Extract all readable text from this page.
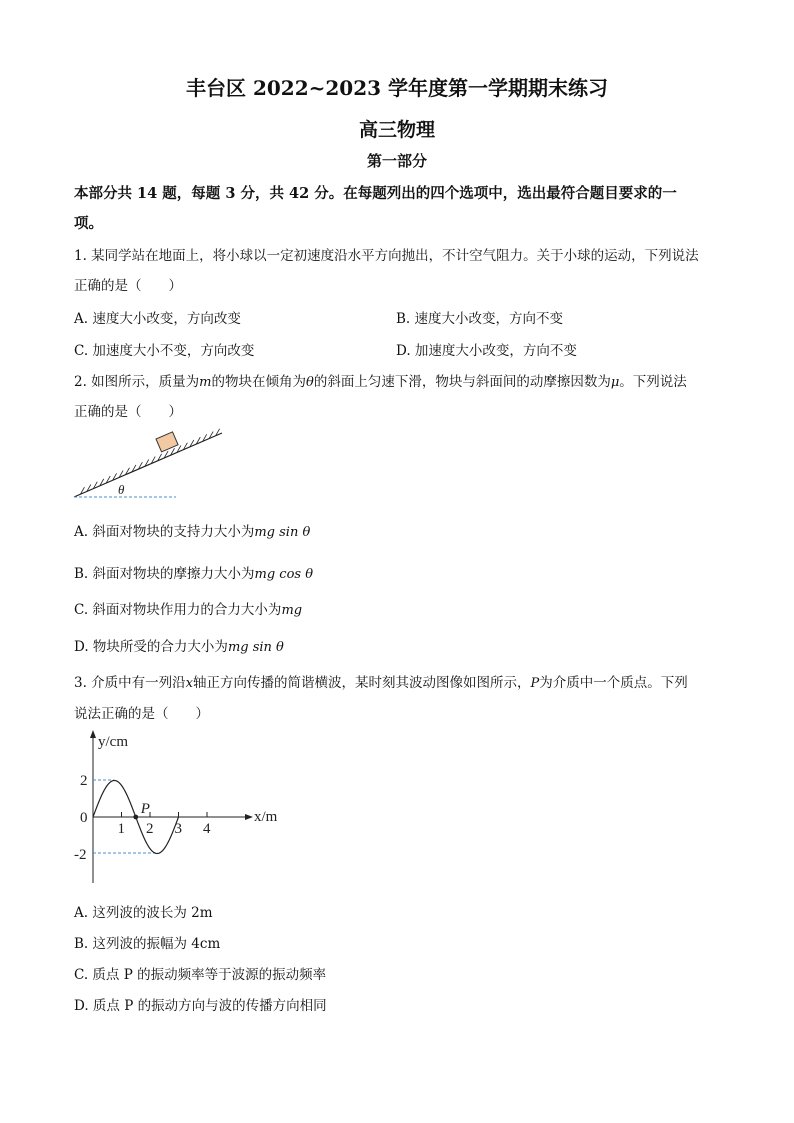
丰台区 2022~2023 学年度第一学期期末练习
高三物理
第一部分
本部分共 14 题，每题 3 分，共 42 分。在每题列出的四个选项中，选出最符合题目要求的一
项。
1. 某同学站在地面上，将小球以一定初速度沿水平方向抛出，不计空气阻力。关于小球的运动，下列说法
正确的是（　　）
A. 速度大小改变，方向改变	B. 速度大小改变，方向不变
C. 加速度大小不变，方向改变	D. 加速度大小改变，方向不变
2. 如图所示，质量为m的物块在倾角为θ的斜面上匀速下滑，物块与斜面间的动摩擦因数为μ。下列说法
正确的是（　　）
θ
A. 斜面对物块的支持力大小为mg sin θ
B. 斜面对物块的摩擦力大小为mg cos θ
C. 斜面对物块作用力的合力大小为mg
D. 物块所受的合力大小为mg sin θ
3. 介质中有一列沿x轴正方向传播的简谐横波，某时刻其波动图像如图所示，P为介质中一个质点。下列
说法正确的是（　　）
P
y/cm
x/m
2
0
-2
1 2 3 4
A. 这列波的波长为 2m
B. 这列波的振幅为 4cm
C. 质点 P 的振动频率等于波源的振动频率
D. 质点 P 的振动方向与波的传播方向相同
